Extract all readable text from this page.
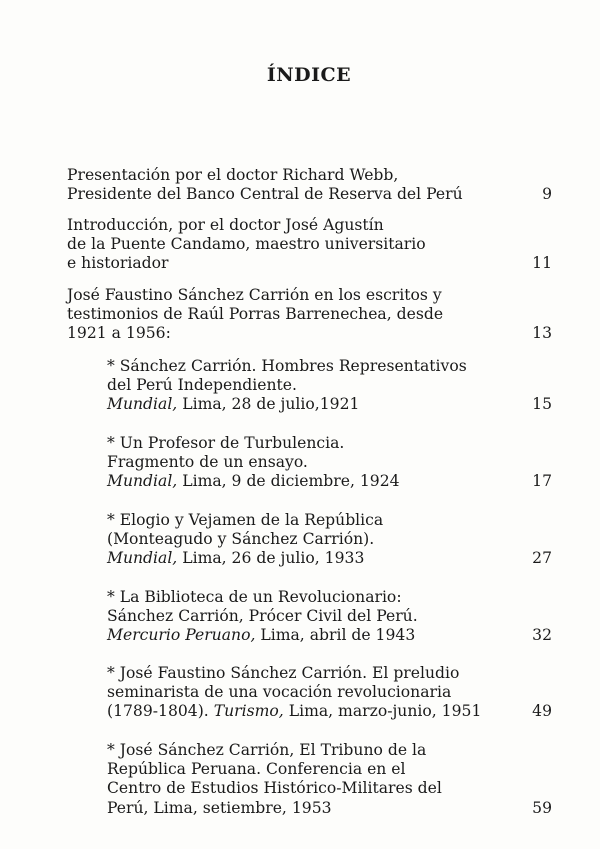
ÍNDICE
Presentación por el doctor Richard Webb,
Presidente del Banco Central de Reserva del Perú	9
Introducción, por el doctor José Agustín
de la Puente Candamo, maestro universitario
e historiador	11
José Faustino Sánchez Carrión en los escritos y
testimonios de Raúl Porras Barrenechea, desde
1921 a 1956:	13
* Sánchez Carrión. Hombres Representativos
del Perú Independiente.
Mundial, Lima, 28 de julio,1921	15
* Un Profesor de Turbulencia.
Fragmento de un ensayo.
Mundial, Lima, 9 de diciembre, 1924	17
* Elogio y Vejamen de la República
(Monteagudo y Sánchez Carrión).
Mundial, Lima, 26 de julio, 1933	27
* La Biblioteca de un Revolucionario:
Sánchez Carrión, Prócer Civil del Perú.
Mercurio Peruano, Lima, abril de 1943	32
* José Faustino Sánchez Carrión. El preludio
seminarista de una vocación revolucionaria
(1789-1804). Turismo, Lima, marzo-junio, 1951	49
* José Sánchez Carrión, El Tribuno de la
República Peruana. Conferencia en el
Centro de Estudios Histórico-Militares del
Perú, Lima, setiembre, 1953	59
